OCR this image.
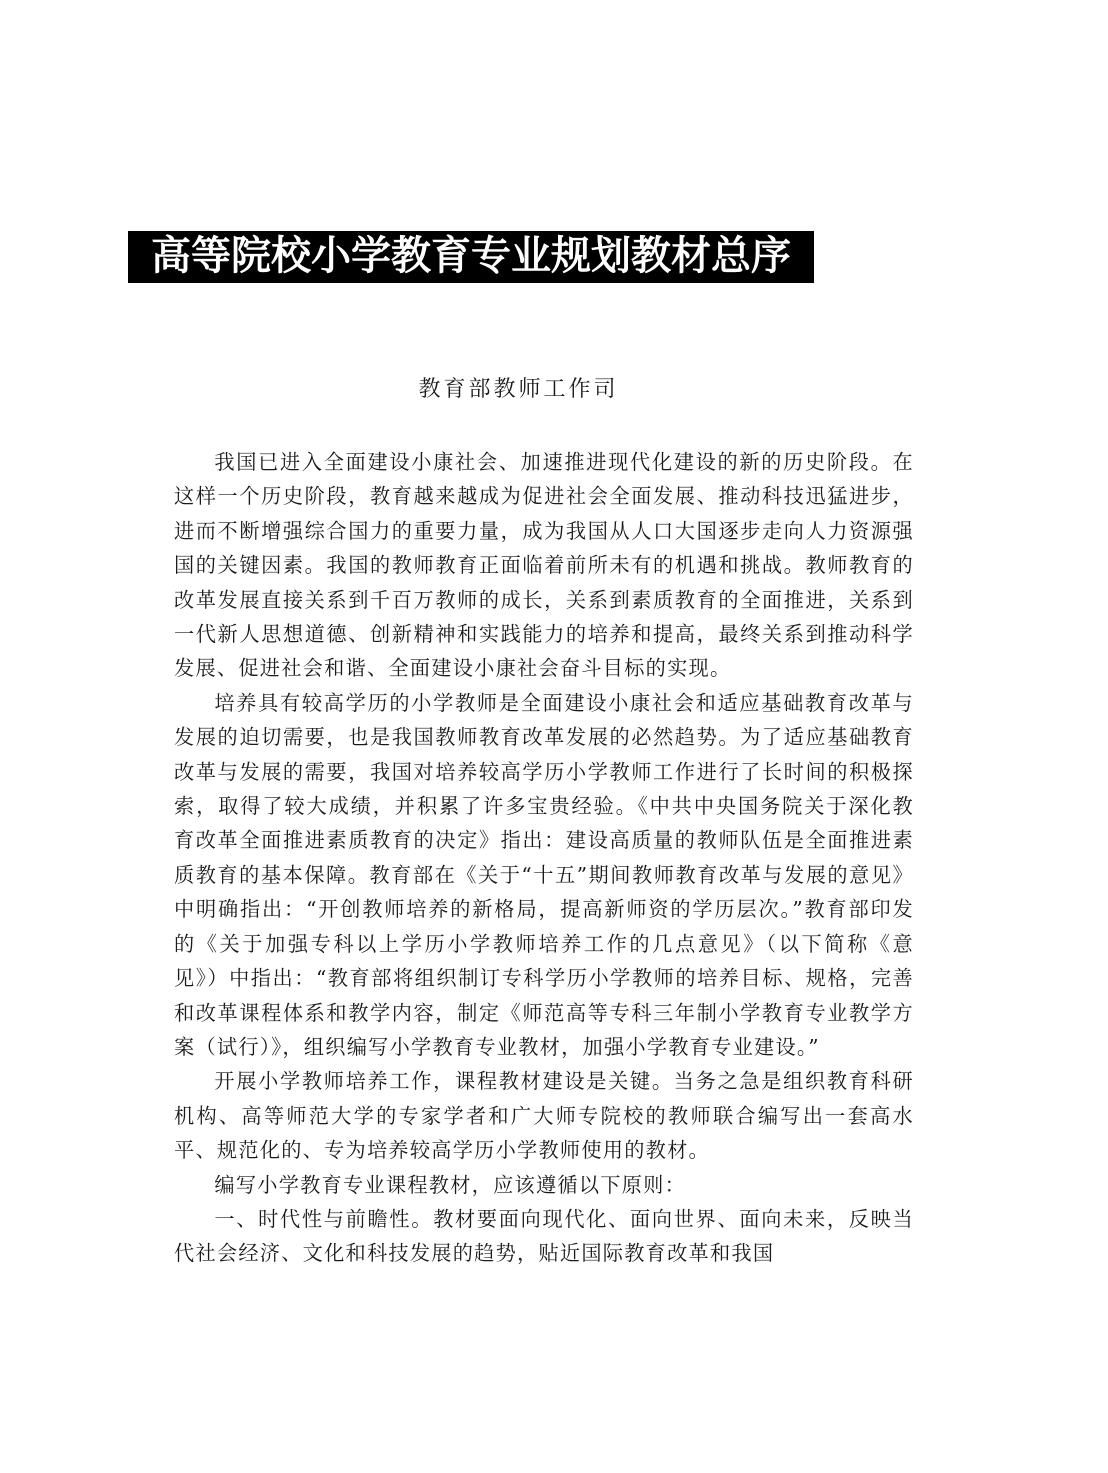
高等院校小学教育专业规划教材总序
教育部教师工作司

我国已进入全面建设小康社会、加速推进现代化建设的新的历史阶段。在这样一个历史阶段，教育越来越成为促进社会全面发展、推动科技迅猛进步，进而不断增强综合国力的重要力量，成为我国从人口大国逐步走向人力资源强国的关键因素。我国的教师教育正面临着前所未有的机遇和挑战。教师教育的改革发展直接关系到千百万教师的成长，关系到素质教育的全面推进，关系到一代新人思想道德、创新精神和实践能力的培养和提高，最终关系到推动科学发展、促进社会和谐、全面建设小康社会奋斗目标的实现。

培养具有较高学历的小学教师是全面建设小康社会和适应基础教育改革与发展的迫切需要，也是我国教师教育改革发展的必然趋势。为了适应基础教育改革与发展的需要，我国对培养较高学历小学教师工作进行了长时间的积极探索，取得了较大成绩，并积累了许多宝贵经验。《中共中央国务院关于深化教育改革全面推进素质教育的决定》指出：建设高质量的教师队伍是全面推进素质教育的基本保障。教育部在《关于“十五”期间教师教育改革与发展的意见》中明确指出：“开创教师培养的新格局，提高新师资的学历层次。”教育部印发的《关于加强专科以上学历小学教师培养工作的几点意见》（以下简称《意见》）中指出：“教育部将组织制订专科学历小学教师的培养目标、规格，完善和改革课程体系和教学内容，制定《师范高等专科三年制小学教育专业教学方案（试行）》，组织编写小学教育专业教材，加强小学教育专业建设。”

开展小学教师培养工作，课程教材建设是关键。当务之急是组织教育科研机构、高等师范大学的专家学者和广大师专院校的教师联合编写出一套高水平、规范化的、专为培养较高学历小学教师使用的教材。

编写小学教育专业课程教材，应该遵循以下原则：

一、时代性与前瞻性。教材要面向现代化、面向世界、面向未来，反映当代社会经济、文化和科技发展的趋势，贴近国际教育改革和我国
